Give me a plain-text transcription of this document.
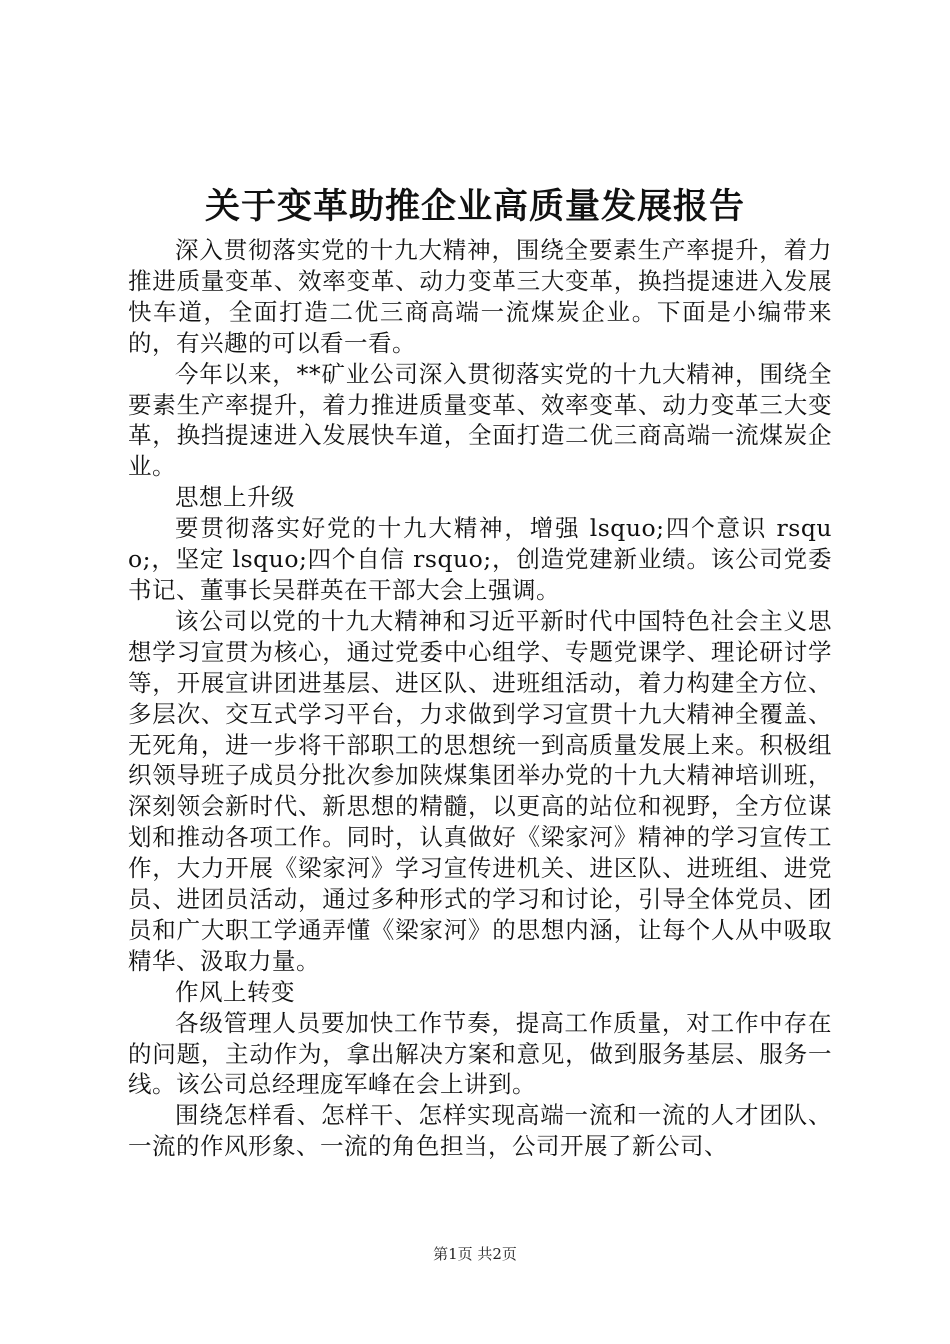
关于变革助推企业高质量发展报告

深入贯彻落实党的十九大精神，围绕全要素生产率提升，着力推进质量变革、效率变革、动力变革三大变革，换挡提速进入发展快车道，全面打造二优三商高端一流煤炭企业。下面是小编带来的，有兴趣的可以看一看。

今年以来，**矿业公司深入贯彻落实党的十九大精神，围绕全要素生产率提升，着力推进质量变革、效率变革、动力变革三大变革，换挡提速进入发展快车道，全面打造二优三商高端一流煤炭企业。

思想上升级

要贯彻落实好党的十九大精神，增强 lsquo;四个意识 rsquo;，坚定 lsquo;四个自信 rsquo;，创造党建新业绩。该公司党委书记、董事长吴群英在干部大会上强调。

该公司以党的十九大精神和习近平新时代中国特色社会主义思想学习宣贯为核心，通过党委中心组学、专题党课学、理论研讨学等，开展宣讲团进基层、进区队、进班组活动，着力构建全方位、多层次、交互式学习平台，力求做到学习宣贯十九大精神全覆盖、无死角，进一步将干部职工的思想统一到高质量发展上来。积极组织领导班子成员分批次参加陕煤集团举办党的十九大精神培训班，深刻领会新时代、新思想的精髓，以更高的站位和视野，全方位谋划和推动各项工作。同时，认真做好《梁家河》精神的学习宣传工作，大力开展《梁家河》学习宣传进机关、进区队、进班组、进党员、进团员活动，通过多种形式的学习和讨论，引导全体党员、团员和广大职工学通弄懂《梁家河》的思想内涵，让每个人从中吸取精华、汲取力量。

作风上转变

各级管理人员要加快工作节奏，提高工作质量，对工作中存在的问题，主动作为，拿出解决方案和意见，做到服务基层、服务一线。该公司总经理庞军峰在会上讲到。

围绕怎样看、怎样干、怎样实现高端一流和一流的人才团队、一流的作风形象、一流的角色担当，公司开展了新公司、

第1页 共2页
